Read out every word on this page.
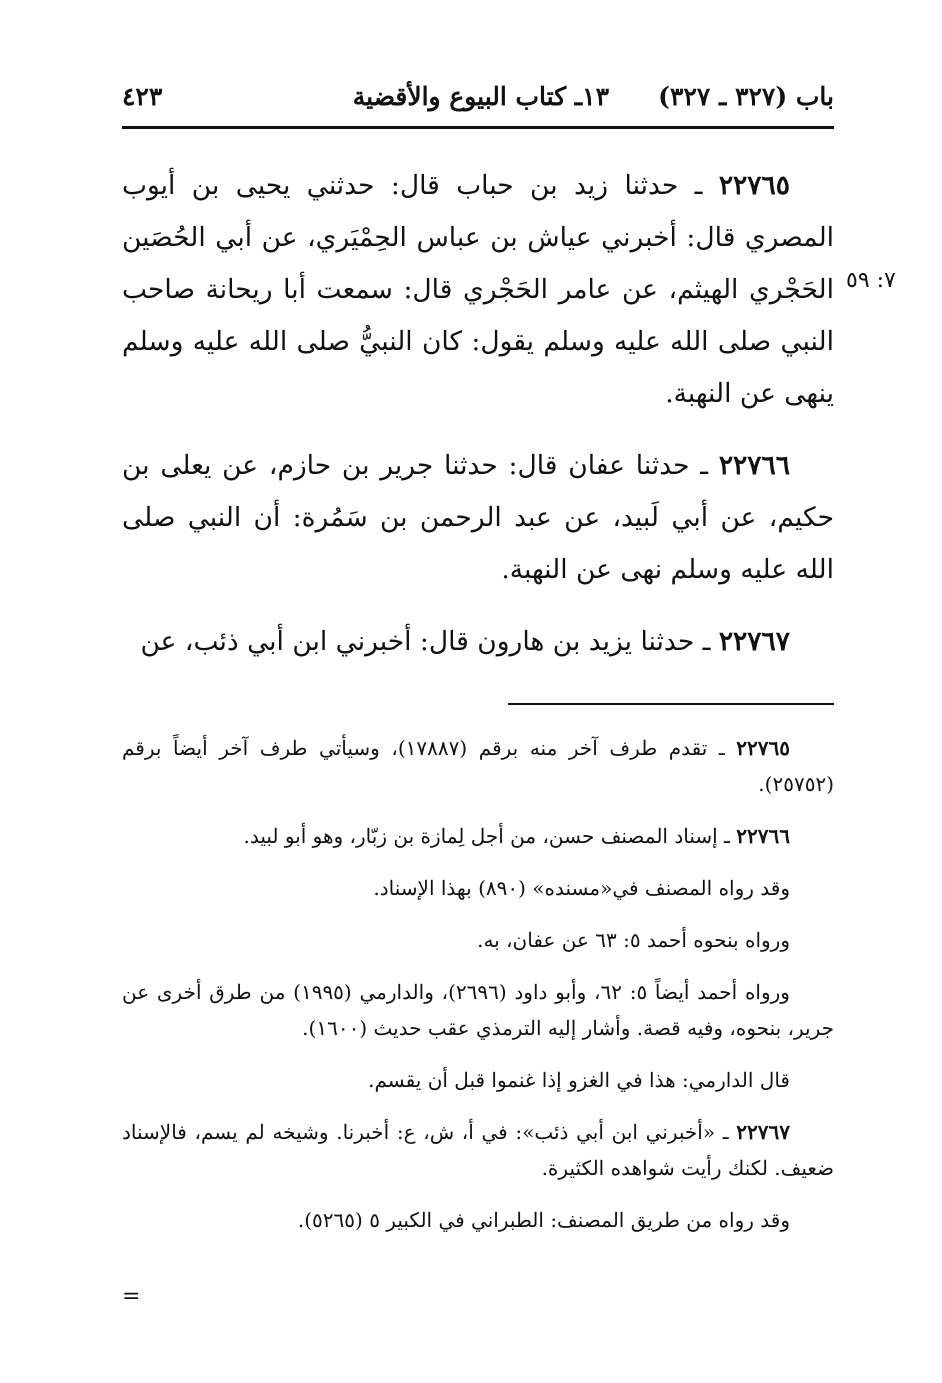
باب (٣٢٧ ـ ٣٢٧)
١٣ـ كتاب البيوع والأقضية
٤٢٣
٧: ٥٩

٢٢٧٦٥ ـ حدثنا زيد بن حباب قال: حدثني يحيى بن أيوب المصري قال: أخبرني عياش بن عباس الحِمْيَري، عن أبي الحُصَين الحَجْري الهيثم، عن عامر الحَجْري قال: سمعت أبا ريحانة صاحب النبي صلى الله عليه وسلم يقول: كان النبيُّ صلى الله عليه وسلم ينهى عن النهبة.

٢٢٧٦٦ ـ حدثنا عفان قال: حدثنا جرير بن حازم، عن يعلى بن حكيم، عن أبي لَبيد، عن عبد الرحمن بن سَمُرة: أن النبي صلى الله عليه وسلم نهى عن النهبة.

٢٢٧٦٧ ـ حدثنا يزيد بن هارون قال: أخبرني ابن أبي ذئب، عن

٢٢٧٦٥ ـ تقدم طرف آخر منه برقم (١٧٨٨٧)، وسيأتي طرف آخر أيضاً برقم (٢٥٧٥٢).

٢٢٧٦٦ ـ إسناد المصنف حسن، من أجل لِمازة بن زبّار، وهو أبو لبيد.

وقد رواه المصنف في«مسنده» (٨٩٠) بهذا الإسناد.

ورواه بنحوه أحمد ٥: ٦٣ عن عفان، به.

ورواه أحمد أيضاً ٥: ٦٢، وأبو داود (٢٦٩٦)، والدارمي (١٩٩٥) من طرق أخرى عن جرير، بنحوه، وفيه قصة. وأشار إليه الترمذي عقب حديث (١٦٠٠).

قال الدارمي: هذا في الغزو إذا غنموا قبل أن يقسم.

٢٢٧٦٧ ـ «أخبرني ابن أبي ذئب»: في أ، ش، ع: أخبرنا. وشيخه لم يسم، فالإسناد ضعيف. لكنك رأيت شواهده الكثيرة.

وقد رواه من طريق المصنف: الطبراني في الكبير ٥ (٥٢٦٥).

=
